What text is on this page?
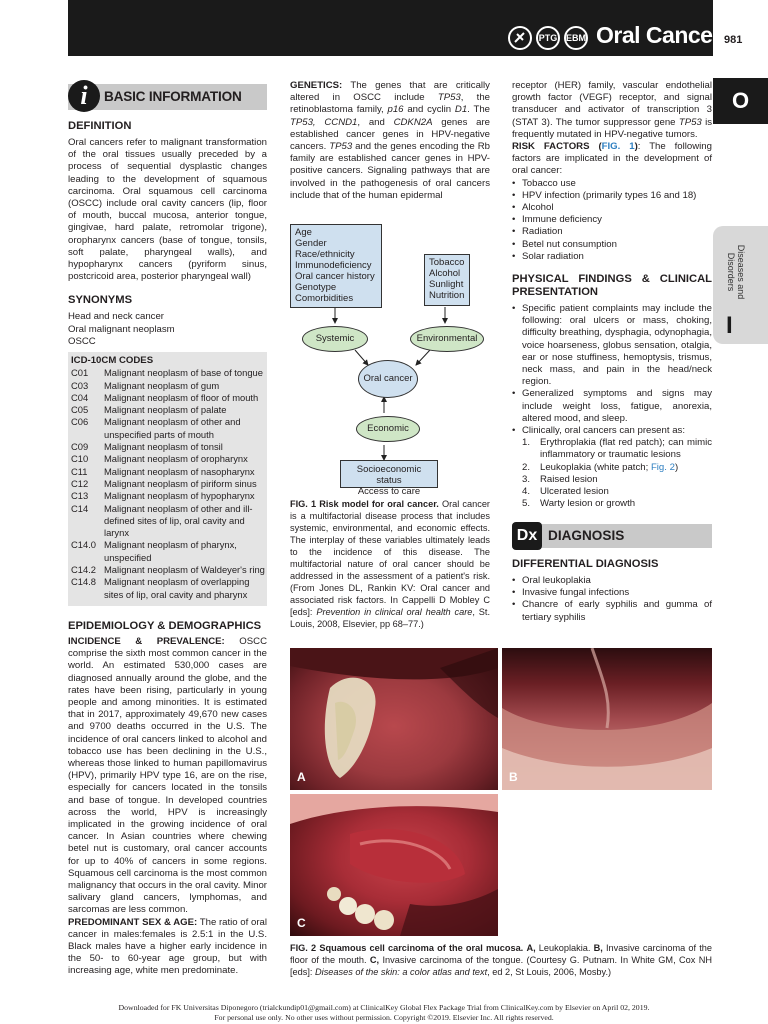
PTG EBM Oral Cancer 981
O
Diseases and Disorders
I
i	BASIC INFORMATION
DEFINITION

Oral cancers refer to malignant transformation of the oral tissues usually preceded by a process of sequential dysplastic changes leading to the development of squamous carcinoma. Oral squamous cell carcinoma (OSCC) include oral cavity cancers (lip, floor of mouth, buccal mucosa, anterior tongue, gingivae, hard palate, retromolar trigone), oropharynx cancers (base of tongue, tonsils, soft palate, pharyngeal walls), and hypopharynx cancers (pyriform sinus, postcricoid area, posterior pharyngeal wall)

SYNONYMS
Head and neck cancer
Oral malignant neoplasm
OSCC
ICD-10CM CODES
C01	Malignant neoplasm of base of tongue
C03	Malignant neoplasm of gum
C04	Malignant neoplasm of floor of mouth
C05	Malignant neoplasm of palate
C06	Malignant neoplasm of other and unspecified parts of mouth
C09	Malignant neoplasm of tonsil
C10	Malignant neoplasm of oropharynx
C11	Malignant neoplasm of nasopharynx
C12	Malignant neoplasm of piriform sinus
C13	Malignant neoplasm of hypopharynx
C14	Malignant neoplasm of other and ill-defined sites of lip, oral cavity and larynx
C14.0 Malignant neoplasm of pharynx, unspecified
C14.2 Malignant neoplasm of Waldeyer's ring
C14.8 Malignant neoplasm of overlapping sites of lip, oral cavity and pharynx
EPIDEMIOLOGY & DEMOGRAPHICS

INCIDENCE & PREVALENCE: OSCC comprise the sixth most common cancer in the world. An estimated 530,000 cases are diagnosed annually around the globe, and the rates have been rising, particularly in young people and among minorities. It is estimated that in 2017, approximately 49,670 new cases and 9700 deaths occurred in the U.S. The incidence of oral cancers linked to alcohol and tobacco use has been declining in the U.S., whereas those linked to human papillomavirus (HPV), primarily HPV type 16, are on the rise, especially for cancers located in the tonsils and base of tongue. In developed countries across the world, HPV is increasingly implicated in the growing incidence of oral cancer. In Asian countries where chewing betel nut is customary, oral cancer accounts for up to 40% of cancers in some regions. Squamous cell carcinoma is the most common malignancy that occurs in the oral cavity. Minor salivary gland cancers, lymphomas, and sarcomas are less common.

PREDOMINANT SEX & AGE: The ratio of oral cancer in males:females is 2.5:1 in the U.S. Black males have a higher early incidence in the 50- to 60-year age group, but with increasing age, white men predominate.

GENETICS: The genes that are critically altered in OSCC include TP53, the retinoblastoma family, p16 and cyclin D1. The TP53, CCND1, and CDKN2A genes are established cancer genes in HPV-negative cancers. TP53 and the genes encoding the Rb family are established cancer genes in HPV-positive cancers. Signaling pathways that are involved in the pathogenesis of oral cancers include that of the human epidermal
Age
Gender
Race/ethnicity
Immunodeficiency
Oral cancer history
Genotype
Comorbidities
Tobacco
Alcohol
Sunlight
Nutrition
Systemic	Environmental
Oral cancer
Economic
Socioeconomic status
Access to care
FIG. 1 Risk model for oral cancer. Oral cancer is a multifactorial disease process that includes systemic, environmental, and economic effects. The interplay of these variables ultimately leads to the incidence of this disease. The multifactorial nature of oral cancer should be addressed in the assessment of a patient's risk. (From Jones DL, Rankin KV: Oral cancer and associated risk factors. In Cappelli D Mobley C [eds]: Prevention in clinical oral health care, St. Louis, 2008, Elsevier, pp 68–77.)

receptor (HER) family, vascular endothelial growth factor (VEGF) receptor, and signal transducer and activator of transcription 3 (STAT 3). The tumor suppressor gene TP53 is frequently mutated in HPV-negative tumors.

RISK FACTORS (FIG. 1): The following factors are implicated in the development of oral cancer:

• Tobacco use
• HPV infection (primarily types 16 and 18)
• Alcohol
• Immune deficiency
• Radiation
• Betel nut consumption
• Solar radiation
PHYSICAL FINDINGS & CLINICAL PRESENTATION
• Specific patient complaints may include the following: oral ulcers or mass, choking, difficulty breathing, dysphagia, odynophagia, voice hoarseness, globus sensation, otalgia, ear or nose stuffiness, hemoptysis, trismus, neck mass, and pain in the head/neck region.
• Generalized symptoms and signs may include weight loss, fatigue, anorexia, altered mood, and sleep.
• Clinically, oral cancers can present as:
1. Erythroplakia (flat red patch); can mimic inflammatory or traumatic lesions
2. Leukoplakia (white patch; Fig. 2)
3. Raised lesion
4. Ulcerated lesion
5. Warty lesion or growth
Dx DIAGNOSIS
DIFFERENTIAL DIAGNOSIS
• Oral leukoplakia
• Invasive fungal infections
• Chancre of early syphilis and gumma of tertiary syphilis
A	B
C
FIG. 2 Squamous cell carcinoma of the oral mucosa. A, Leukoplakia. B, Invasive carcinoma of the floor of the mouth. C, Invasive carcinoma of the tongue. (Courtesy G. Putnam. In White GM, Cox NH [eds]: Diseases of the skin: a color atlas and text, ed 2, St Louis, 2006, Mosby.)
Downloaded for FK Universitas Diponegoro (trialckundip01@gmail.com) at ClinicalKey Global Flex Package Trial from ClinicalKey.com by Elsevier on April 02, 2019.
For personal use only. No other uses without permission. Copyright ©2019. Elsevier Inc. All rights reserved.
